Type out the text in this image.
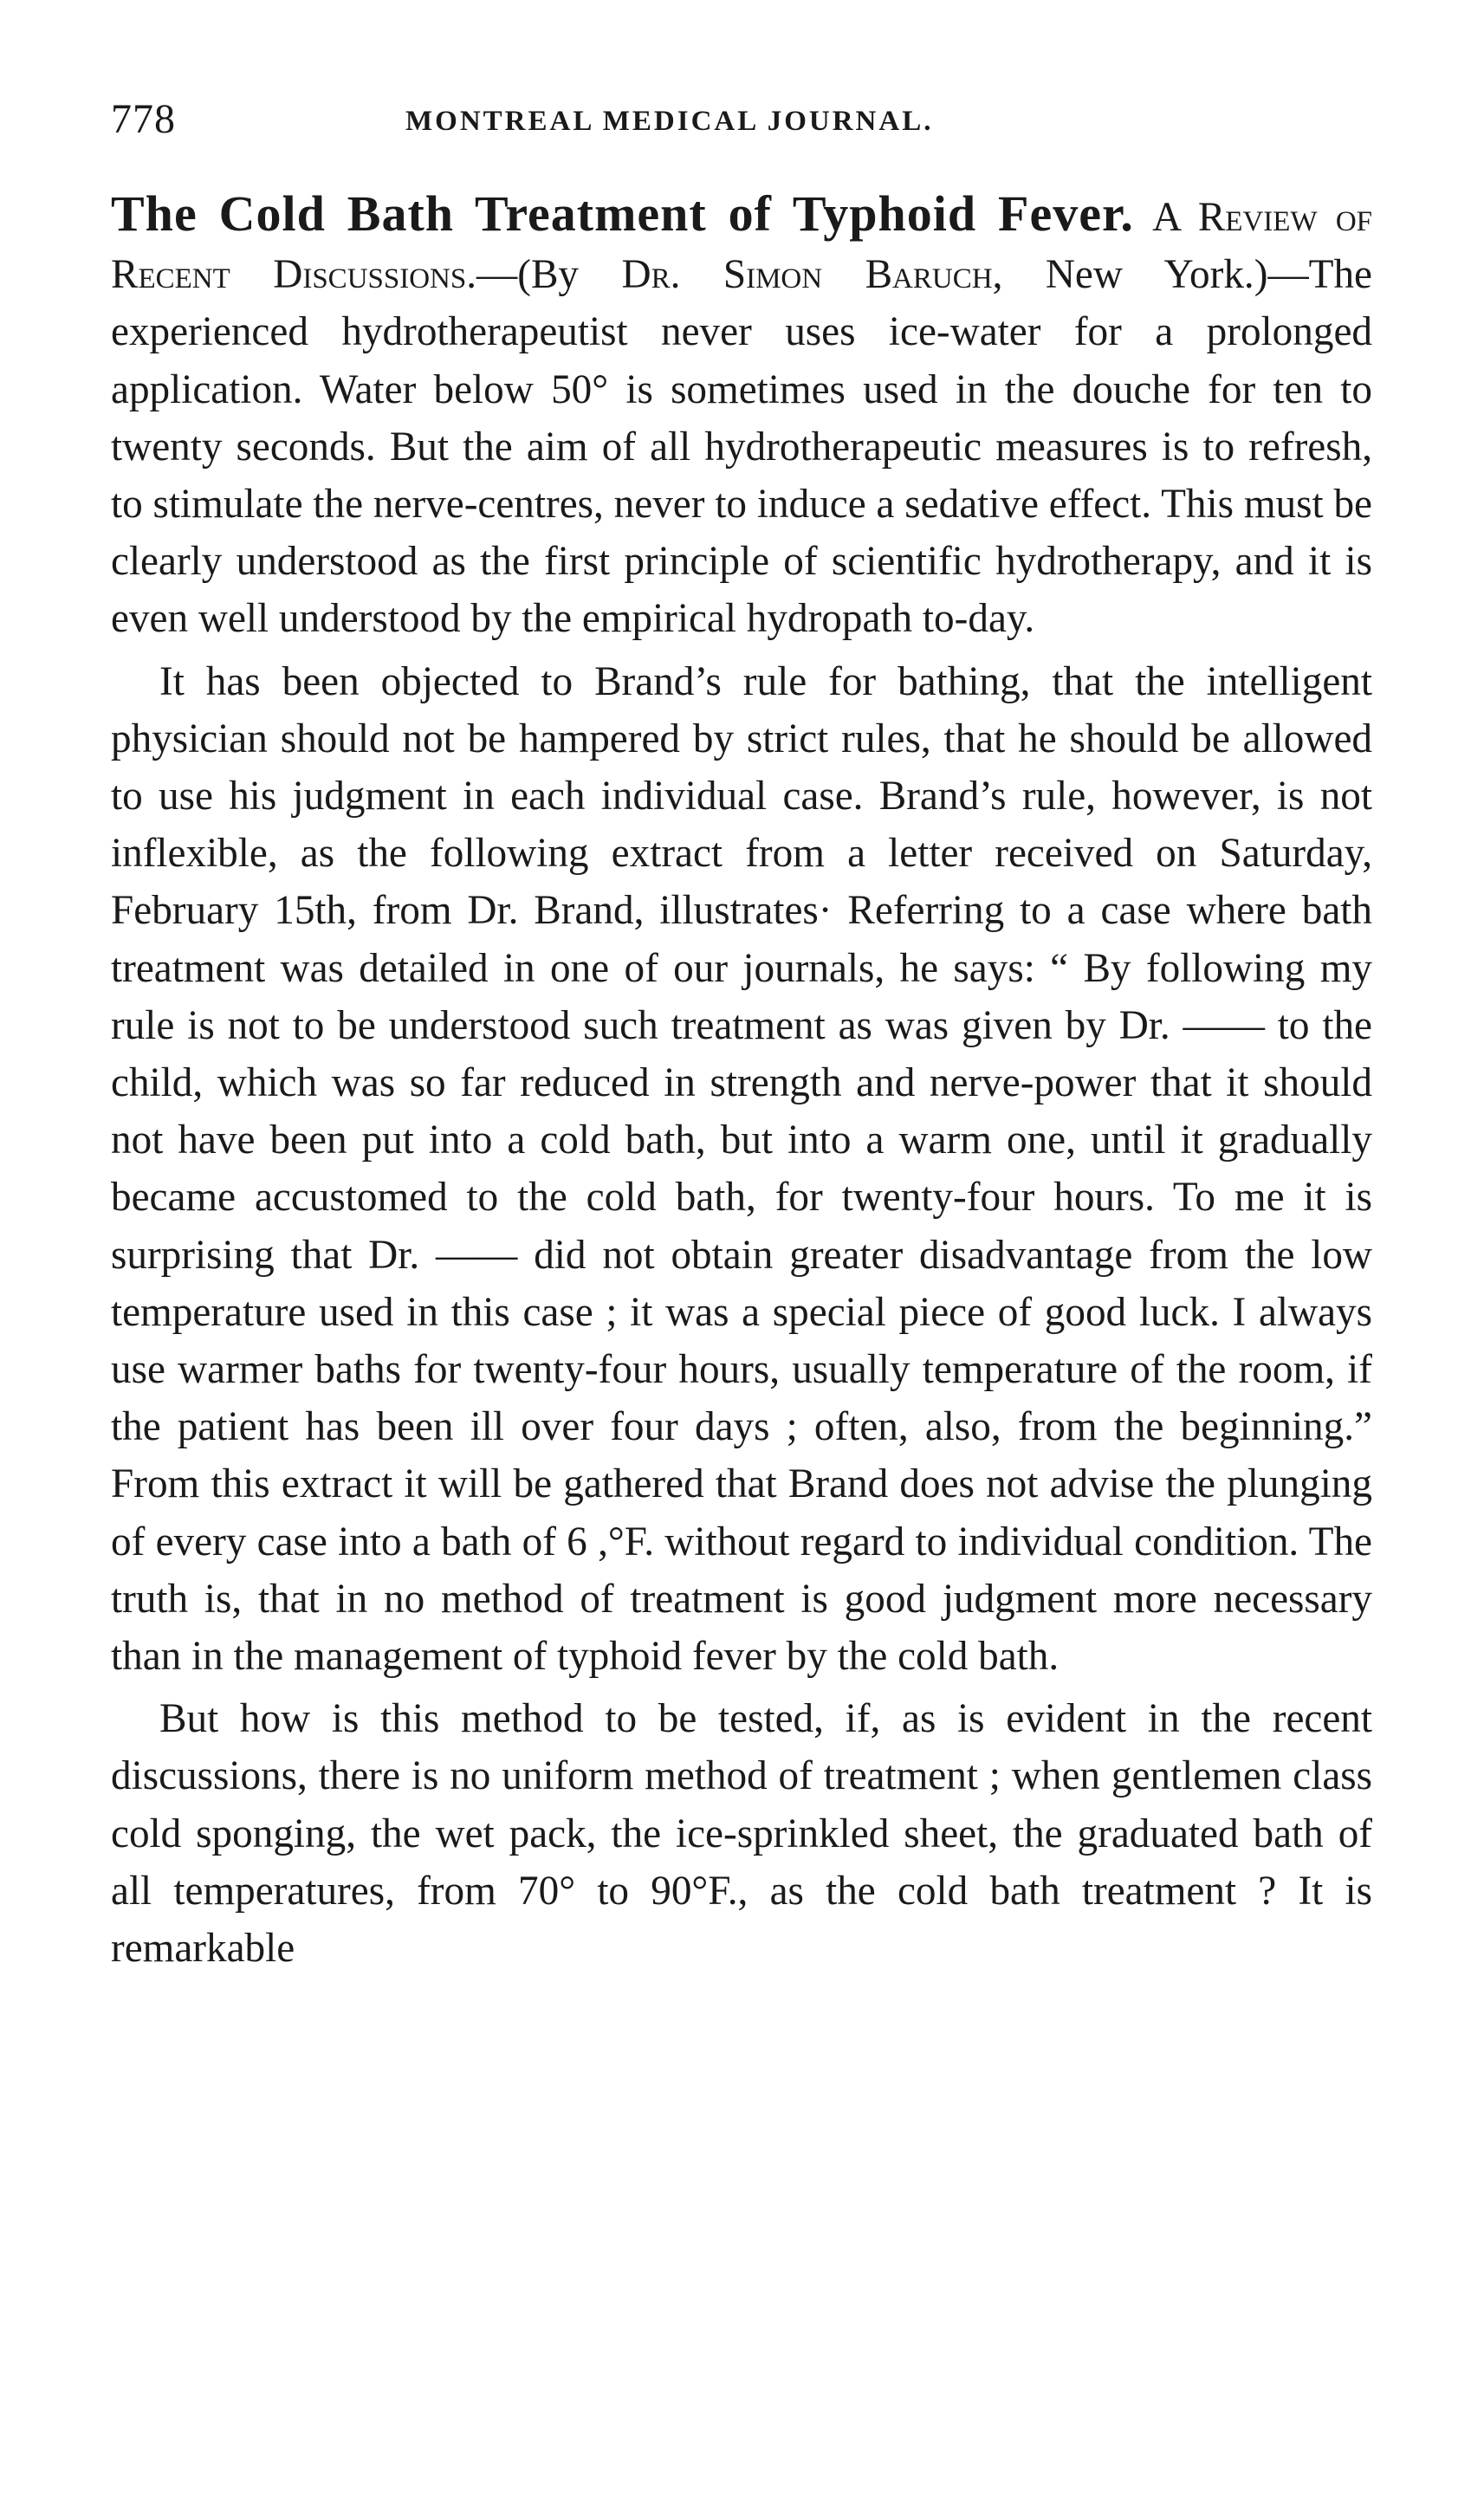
778	MONTREAL MEDICAL JOURNAL.

The Cold Bath Treatment of Typhoid Fever. A Review of Recent Discussions.—(By Dr. Simon Baruch, New York.)—The experienced hydrotherapeutist never uses ice-water for a prolonged application. Water below 50° is sometimes used in the douche for ten to twenty seconds. But the aim of all hydrotherapeutic measures is to refresh, to stimulate the nerve-centres, never to induce a sedative effect. This must be clearly understood as the first principle of scientific hydrotherapy, and it is even well understood by the empirical hydropath to-day.

It has been objected to Brand’s rule for bathing, that the intelligent physician should not be hampered by strict rules, that he should be allowed to use his judgment in each individual case. Brand’s rule, however, is not inflexible, as the following extract from a letter received on Saturday, February 15th, from Dr. Brand, illustrates· Referring to a case where bath treatment was detailed in one of our journals, he says: “ By following my rule is not to be understood such treatment as was given by Dr. —— to the child, which was so far reduced in strength and nerve-power that it should not have been put into a cold bath, but into a warm one, until it gradually became accustomed to the cold bath, for twenty-four hours. To me it is surprising that Dr. —— did not obtain greater disadvantage from the low temperature used in this case ; it was a special piece of good luck. I always use warmer baths for twenty-four hours, usually temperature of the room, if the patient has been ill over four days ; often, also, from the beginning.” From this extract it will be gathered that Brand does not advise the plunging of every case into a bath of 6 ,°F. without regard to individual condition. The truth is, that in no method of treatment is good judgment more necessary than in the management of typhoid fever by the cold bath.

But how is this method to be tested, if, as is evident in the recent discussions, there is no uniform method of treatment ; when gentlemen class cold sponging, the wet pack, the ice-sprinkled sheet, the graduated bath of all temperatures, from 70° to 90°F., as the cold bath treatment ? It is remarkable
